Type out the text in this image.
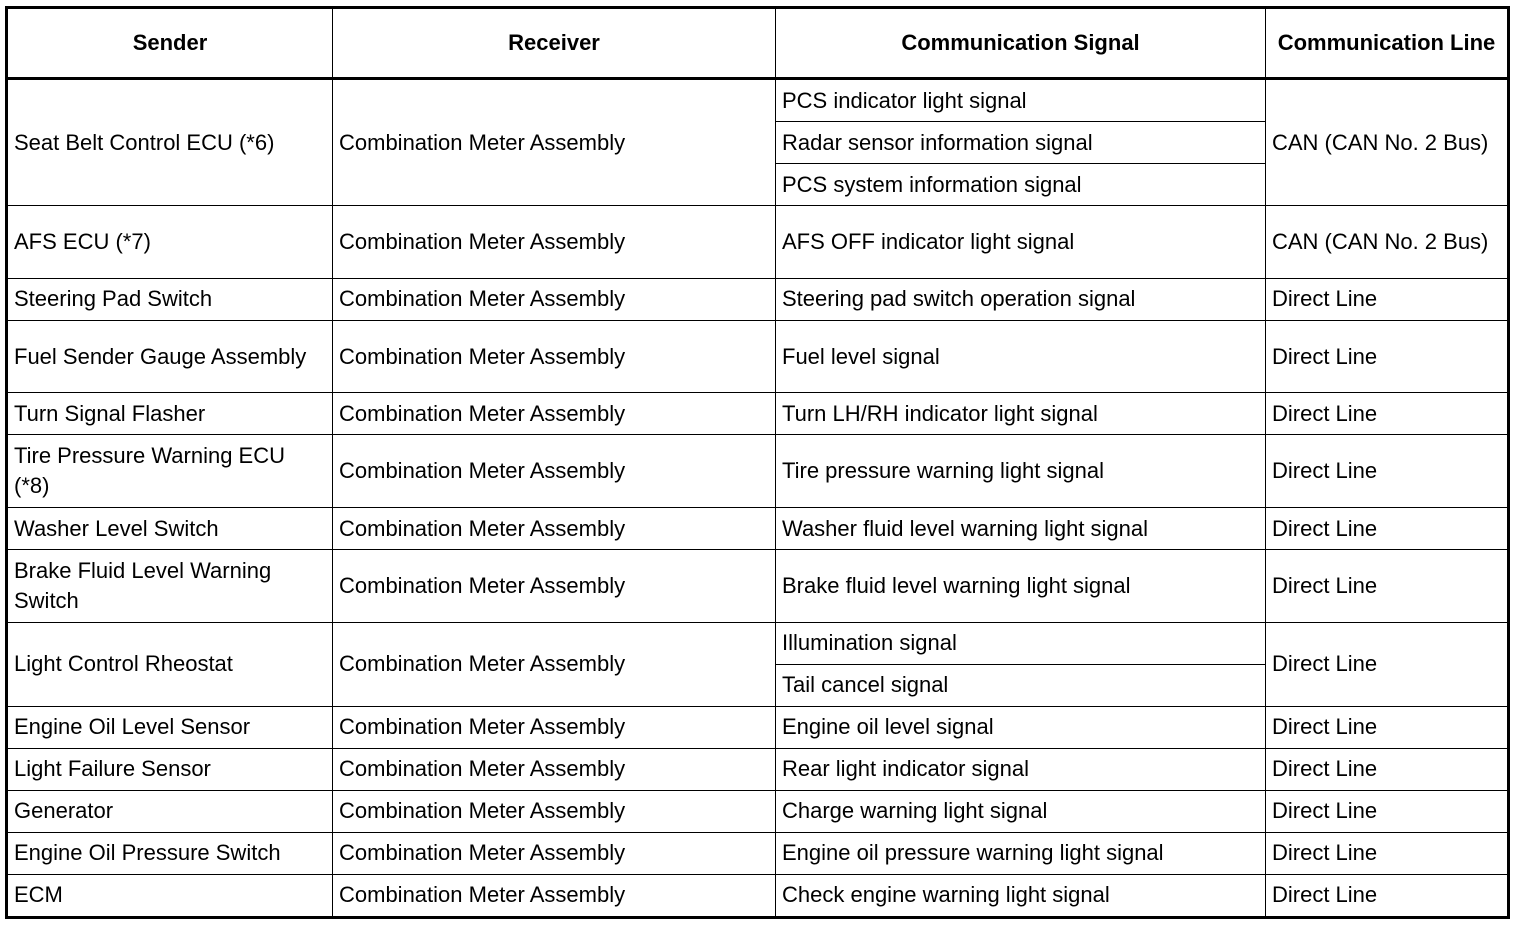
Sender	Receiver	Communication Signal	Communication Line
Seat Belt Control ECU (*6)	Combination Meter Assembly	PCS indicator light signal	CAN (CAN No. 2 Bus)
		Radar sensor information signal	
		PCS system information signal	
AFS ECU (*7)	Combination Meter Assembly	AFS OFF indicator light signal	CAN (CAN No. 2 Bus)
Steering Pad Switch	Combination Meter Assembly	Steering pad switch operation signal	Direct Line
Fuel Sender Gauge Assembly	Combination Meter Assembly	Fuel level signal	Direct Line
Turn Signal Flasher	Combination Meter Assembly	Turn LH/RH indicator light signal	Direct Line
Tire Pressure Warning ECU (*8)	Combination Meter Assembly	Tire pressure warning light signal	Direct Line
Washer Level Switch	Combination Meter Assembly	Washer fluid level warning light signal	Direct Line
Brake Fluid Level Warning Switch	Combination Meter Assembly	Brake fluid level warning light signal	Direct Line
Light Control Rheostat	Combination Meter Assembly	Illumination signal	Direct Line
		Tail cancel signal	
Engine Oil Level Sensor	Combination Meter Assembly	Engine oil level signal	Direct Line
Light Failure Sensor	Combination Meter Assembly	Rear light indicator signal	Direct Line
Generator	Combination Meter Assembly	Charge warning light signal	Direct Line
Engine Oil Pressure Switch	Combination Meter Assembly	Engine oil pressure warning light signal	Direct Line
ECM	Combination Meter Assembly	Check engine warning light signal	Direct Line
